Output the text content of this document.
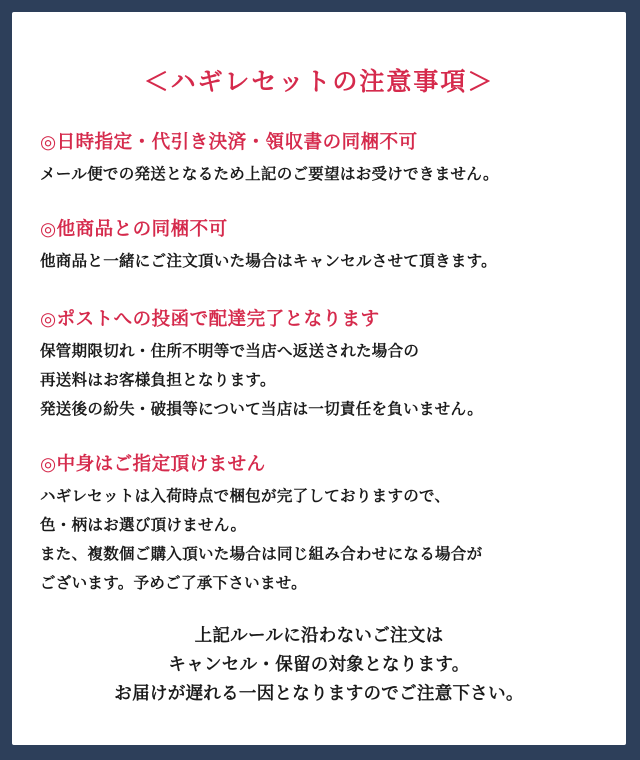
＜ハギレセットの注意事項＞
◎日時指定・代引き決済・領収書の同梱不可
メール便での発送となるため上記のご要望はお受けできません。
◎他商品との同梱不可
他商品と一緒にご注文頂いた場合はキャンセルさせて頂きます。
◎ポストへの投函で配達完了となります
保管期限切れ・住所不明等で当店へ返送された場合の
再送料はお客様負担となります。
発送後の紛失・破損等について当店は一切責任を負いません。
◎中身はご指定頂けません
ハギレセットは入荷時点で梱包が完了しておりますので、
色・柄はお選び頂けません。
また、複数個ご購入頂いた場合は同じ組み合わせになる場合が
ございます。予めご了承下さいませ。
上記ルールに沿わないご注文は
キャンセル・保留の対象となります。
お届けが遅れる一因となりますのでご注意下さい。
